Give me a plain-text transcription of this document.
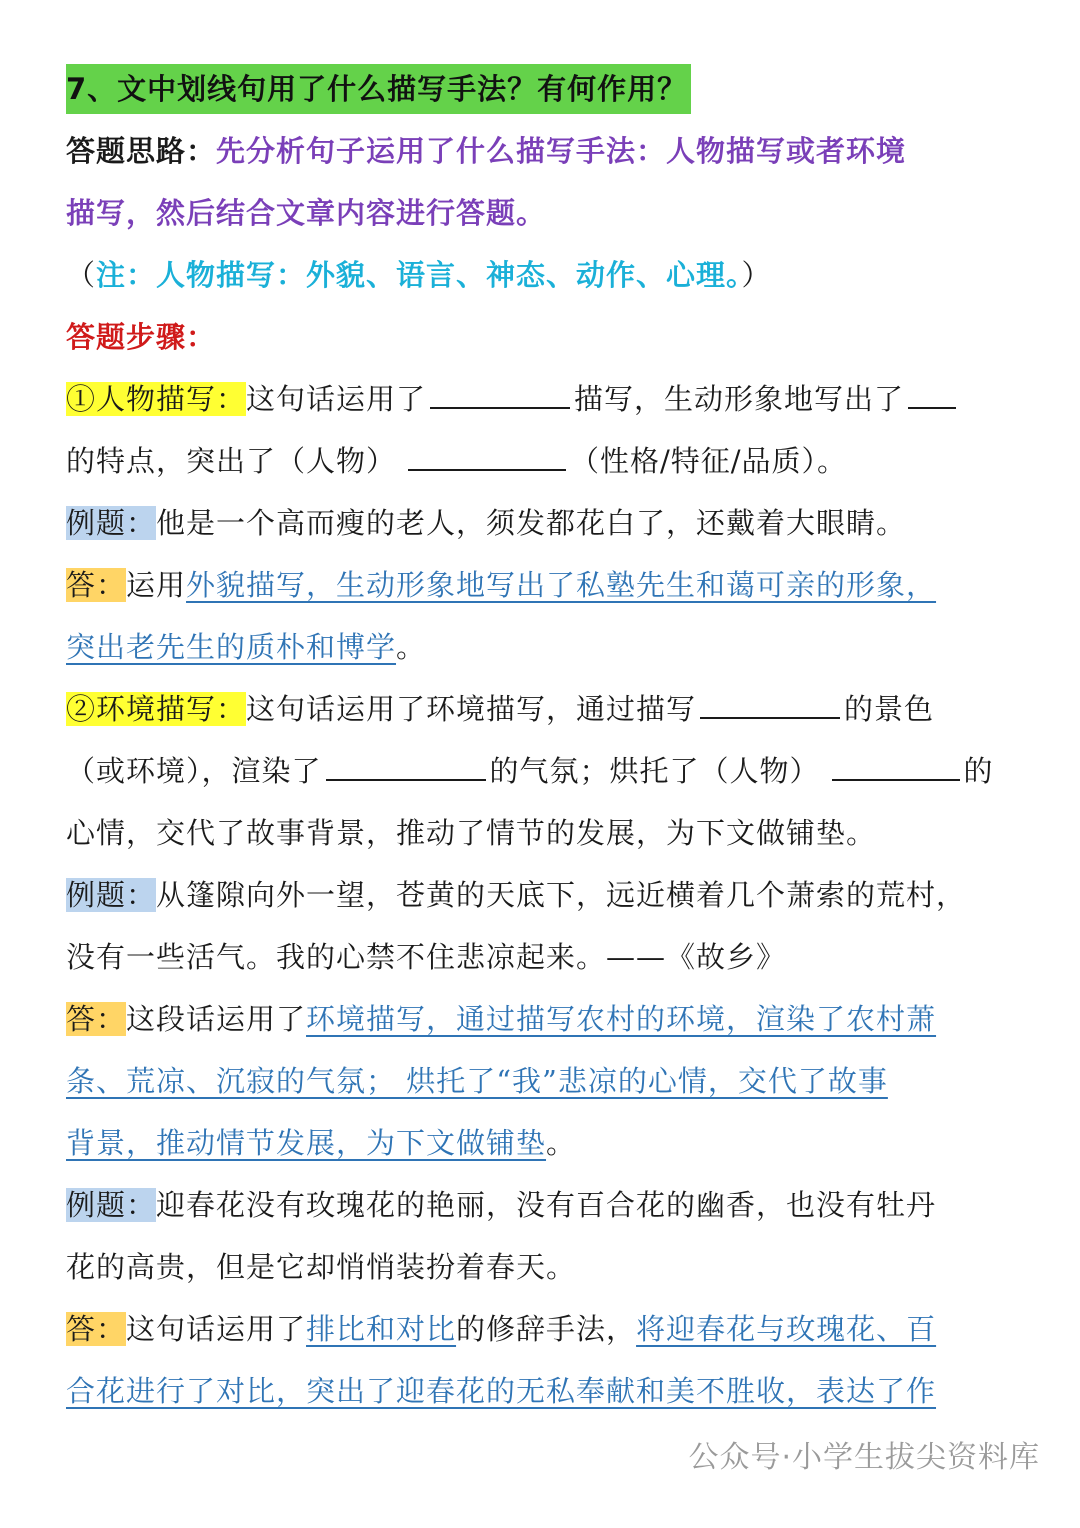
7、文中划线句用了什么描写手法？有何作用？
答题思路：先分析句子运用了什么描写手法：人物描写或者环境
描写，然后结合文章内容进行答题。
（注：人物描写：外貌、语言、神态、动作、心理。）
答题步骤：
①人物描写：这句话运用了	描写，生动形象地写出了
的特点，突出了（人物）	（性格/特征/品质）。
例题：他是一个高而瘦的老人，须发都花白了，还戴着大眼睛。
答：运用外貌描写，生动形象地写出了私塾先生和蔼可亲的形象，
突出老先生的质朴和博学。
②环境描写：这句话运用了环境描写，通过描写	的景色
（或环境），渲染了	的气氛；烘托了（人物）	的
心情，交代了故事背景，推动了情节的发展，为下文做铺垫。
例题：从篷隙向外一望，苍黄的天底下，远近横着几个萧索的荒村，
没有一些活气。我的心禁不住悲凉起来。——《故乡》
答：这段话运用了环境描写，通过描写农村的环境，渲染了农村萧
条、荒凉、沉寂的气氛； 烘托了“我”悲凉的心情，交代了故事
背景，推动情节发展，为下文做铺垫。
例题：迎春花没有玫瑰花的艳丽，没有百合花的幽香，也没有牡丹
花的高贵，但是它却悄悄装扮着春天。
答：这句话运用了排比和对比的修辞手法，将迎春花与玫瑰花、百
合花进行了对比，突出了迎春花的无私奉献和美不胜收，表达了作
公众号·小学生拔尖资料库
